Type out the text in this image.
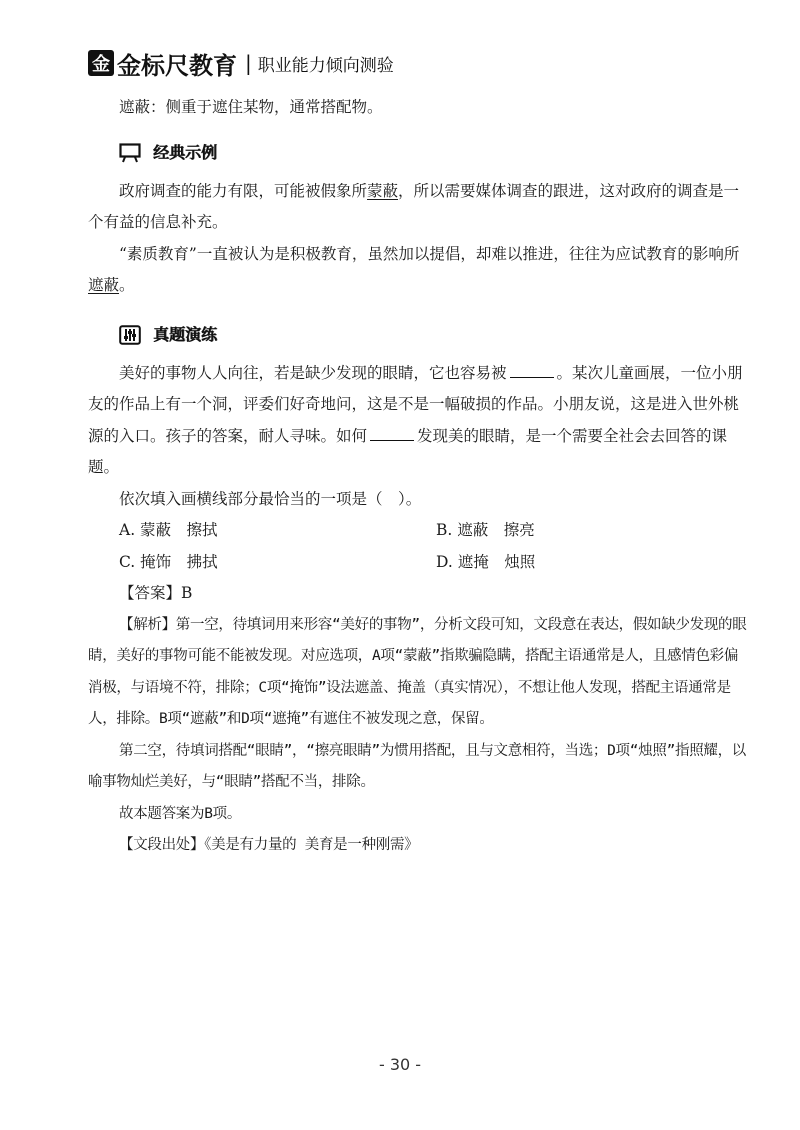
金 金标尺教育 | 职业能力倾向测验

遮蔽：侧重于遮住某物，通常搭配物。

经典示例

政府调查的能力有限，可能被假象所蒙蔽，所以需要媒体调查的跟进，这对政府的调查是一个有益的信息补充。

“素质教育”一直被认为是积极教育，虽然加以提倡，却难以推进，往往为应试教育的影响所遮蔽。

真题演练

美好的事物人人向往，若是缺少发现的眼睛，它也容易被	。某次儿童画展，一位小朋友的作品上有一个洞，评委们好奇地问，这是不是一幅破损的作品。小朋友说，这是进入世外桃源的入口。孩子的答案，耐人寻味。如何	发现美的眼睛，是一个需要全社会去回答的课题。

依次填入画横线部分最恰当的一项是（　）。

A. 蒙蔽　擦拭	B. 遮蔽　擦亮
C. 掩饰　拂拭	D. 遮掩　烛照

【答案】B

【解析】第一空，待填词用来形容“美好的事物”，分析文段可知，文段意在表达，假如缺少发现的眼睛，美好的事物可能不能被发现。对应选项，A项“蒙蔽”指欺骗隐瞒，搭配主语通常是人，且感情色彩偏消极，与语境不符，排除；C项“掩饰”设法遮盖、掩盖（真实情况），不想让他人发现，搭配主语通常是人，排除。B项“遮蔽”和D项“遮掩”有遮住不被发现之意，保留。

第二空，待填词搭配“眼睛”，“擦亮眼睛”为惯用搭配，且与文意相符，当选；D项“烛照”指照耀，以喻事物灿烂美好，与“眼睛”搭配不当，排除。

故本题答案为B项。

【文段出处】《美是有力量的 美育是一种刚需》

- 30 -
